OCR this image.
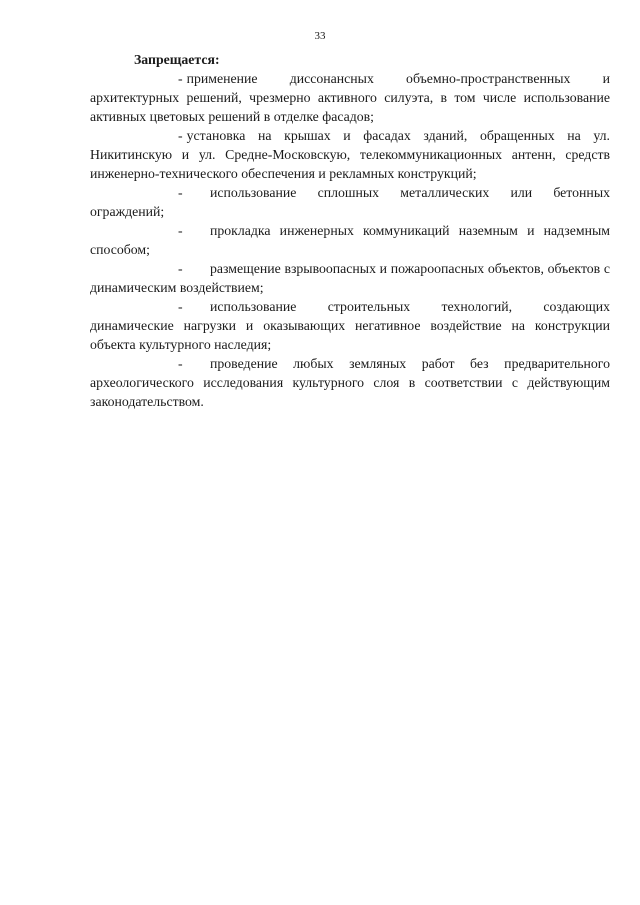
33

Запрещается:

- применение диссонансных объемно-пространственных и архитектурных решений, чрезмерно активного силуэта, в том числе использование активных цветовых решений в отделке фасадов;

- установка на крышах и фасадах зданий, обращенных на ул. Никитинскую и ул. Средне-Московскую, телекоммуникационных антенн, средств инженерно-технического обеспечения и рекламных конструкций;

- использование сплошных металлических или бетонных ограждений;

- прокладка инженерных коммуникаций наземным и надземным способом;

- размещение взрывоопасных и пожароопасных объектов, объектов с динамическим воздействием;

- использование строительных технологий, создающих динамические нагрузки и оказывающих негативное воздействие на конструкции объекта культурного наследия;

- проведение любых земляных работ без предварительного археологического исследования культурного слоя в соответствии с действующим законодательством.
